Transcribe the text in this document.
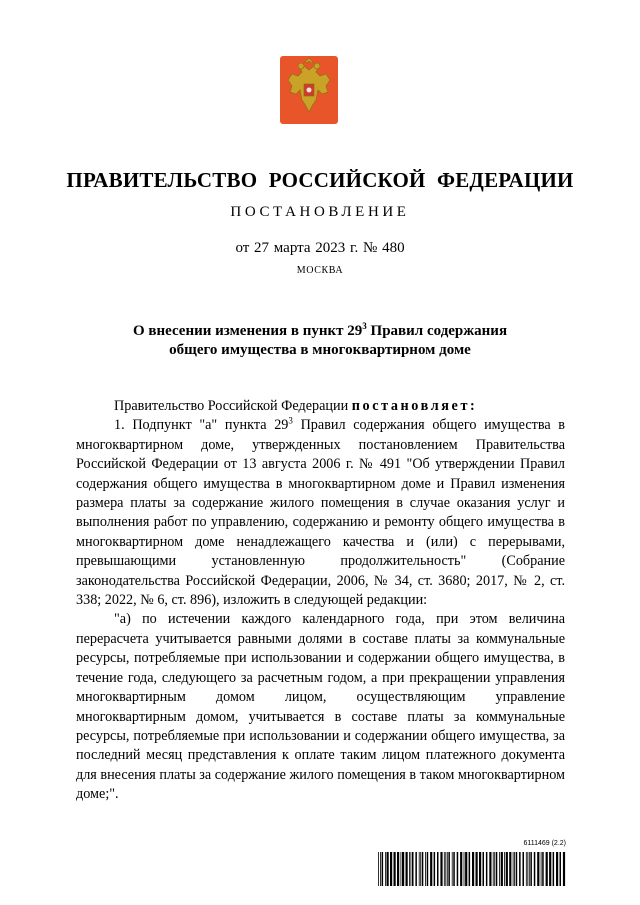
ПРАВИТЕЛЬСТВО РОССИЙСКОЙ ФЕДЕРАЦИИ
ПОСТАНОВЛЕНИЕ
от 27 марта 2023 г. № 480
МОСКВА
О внесении изменения в пункт $29^3$ Правил содержания
общего имущества в многоквартирном доме

Правительство Российской Федерации постановляет:

1. Подпункт "а" пункта $29^3$ Правил содержания общего имущества в многоквартирном доме, утвержденных постановлением Правительства Российской Федерации от 13 августа 2006 г. № 491 "Об утверждении Правил содержания общего имущества в многоквартирном доме и Правил изменения размера платы за содержание жилого помещения в случае оказания услуг и выполнения работ по управлению, содержанию и ремонту общего имущества в многоквартирном доме ненадлежащего качества и (или) с перерывами, превышающими установленную продолжительность" (Собрание законодательства Российской Федерации, 2006, № 34, ст. 3680; 2017, № 2, ст. 338; 2022, № 6, ст. 896), изложить в следующей редакции:

"а) по истечении каждого календарного года, при этом величина перерасчета учитывается равными долями в составе платы за коммунальные ресурсы, потребляемые при использовании и содержании общего имущества, в течение года, следующего за расчетным годом, а при прекращении управления многоквартирным домом лицом, осуществляющим управление многоквартирным домом, учитывается в составе платы за коммунальные ресурсы, потребляемые при использовании и содержании общего имущества, за последний месяц представления к оплате таким лицом платежного документа для внесения платы за содержание жилого помещения в таком многоквартирном доме;".

6111469 (2.2)
